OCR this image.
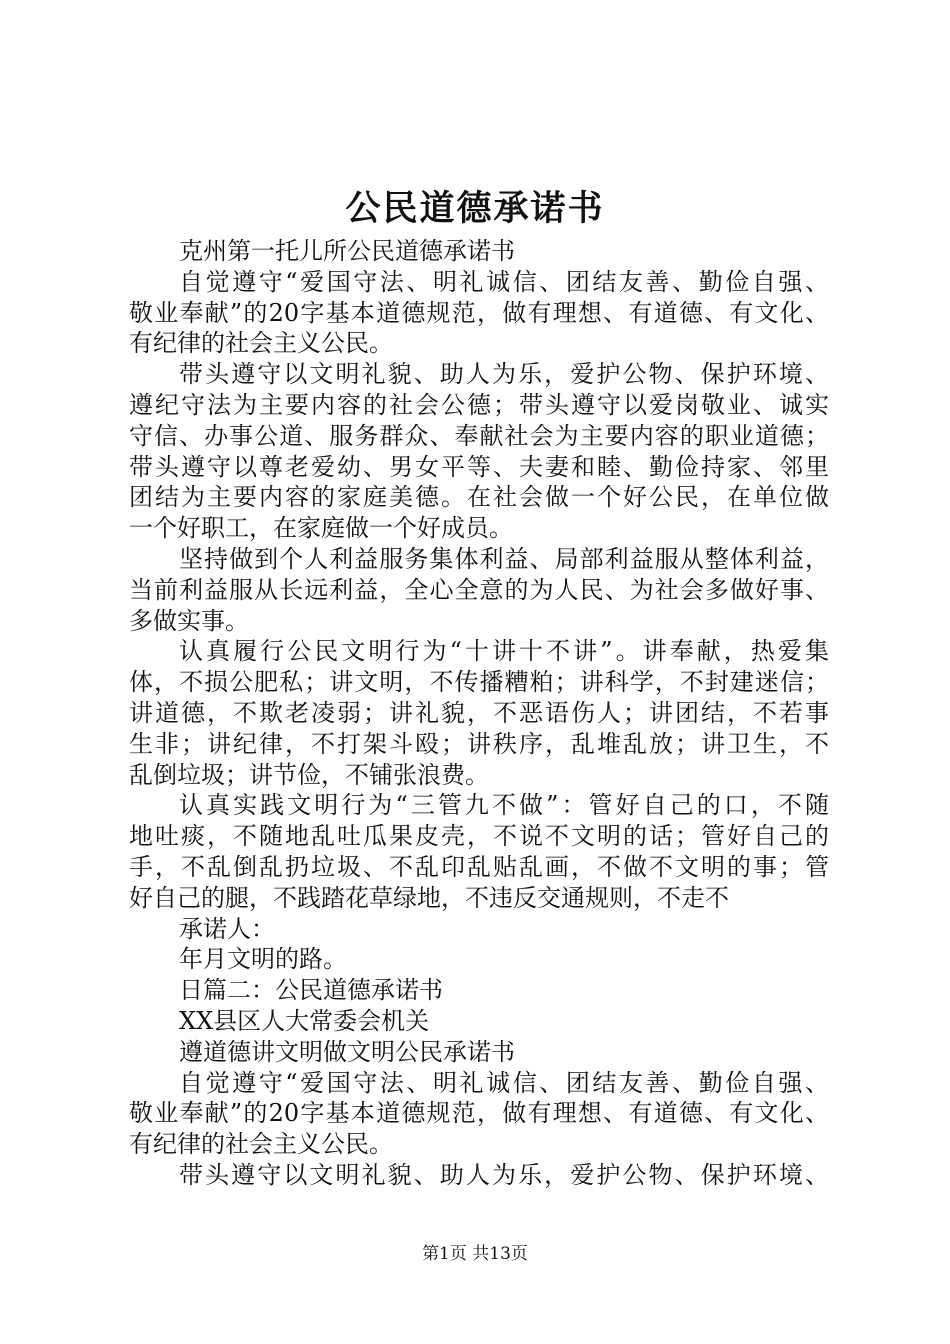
公民道德承诺书
克州第一托儿所公民道德承诺书
自觉遵守“爱国守法、明礼诚信、团结友善、勤俭自强、
敬业奉献”的20字基本道德规范，做有理想、有道德、有文化、
有纪律的社会主义公民。
带头遵守以文明礼貌、助人为乐，爱护公物、保护环境、
遵纪守法为主要内容的社会公德；带头遵守以爱岗敬业、诚实
守信、办事公道、服务群众、奉献社会为主要内容的职业道德；
带头遵守以尊老爱幼、男女平等、夫妻和睦、勤俭持家、邻里
团结为主要内容的家庭美德。在社会做一个好公民，在单位做
一个好职工，在家庭做一个好成员。
坚持做到个人利益服务集体利益、局部利益服从整体利益，
当前利益服从长远利益，全心全意的为人民、为社会多做好事、
多做实事。
认真履行公民文明行为“十讲十不讲”。讲奉献，热爱集
体，不损公肥私；讲文明，不传播糟粕；讲科学，不封建迷信；
讲道德，不欺老凌弱；讲礼貌，不恶语伤人；讲团结，不若事
生非；讲纪律，不打架斗殴；讲秩序，乱堆乱放；讲卫生，不
乱倒垃圾；讲节俭，不铺张浪费。
认真实践文明行为“三管九不做”：管好自己的口，不随
地吐痰，不随地乱吐瓜果皮壳，不说不文明的话；管好自己的
手，不乱倒乱扔垃圾、不乱印乱贴乱画，不做不文明的事；管
好自己的腿，不践踏花草绿地，不违反交通规则，不走不
承诺人：
年月文明的路。
日篇二：公民道德承诺书
XX县区人大常委会机关
遵道德讲文明做文明公民承诺书
自觉遵守“爱国守法、明礼诚信、团结友善、勤俭自强、
敬业奉献”的20字基本道德规范，做有理想、有道德、有文化、
有纪律的社会主义公民。
带头遵守以文明礼貌、助人为乐，爱护公物、保护环境、
第1页 共13页
